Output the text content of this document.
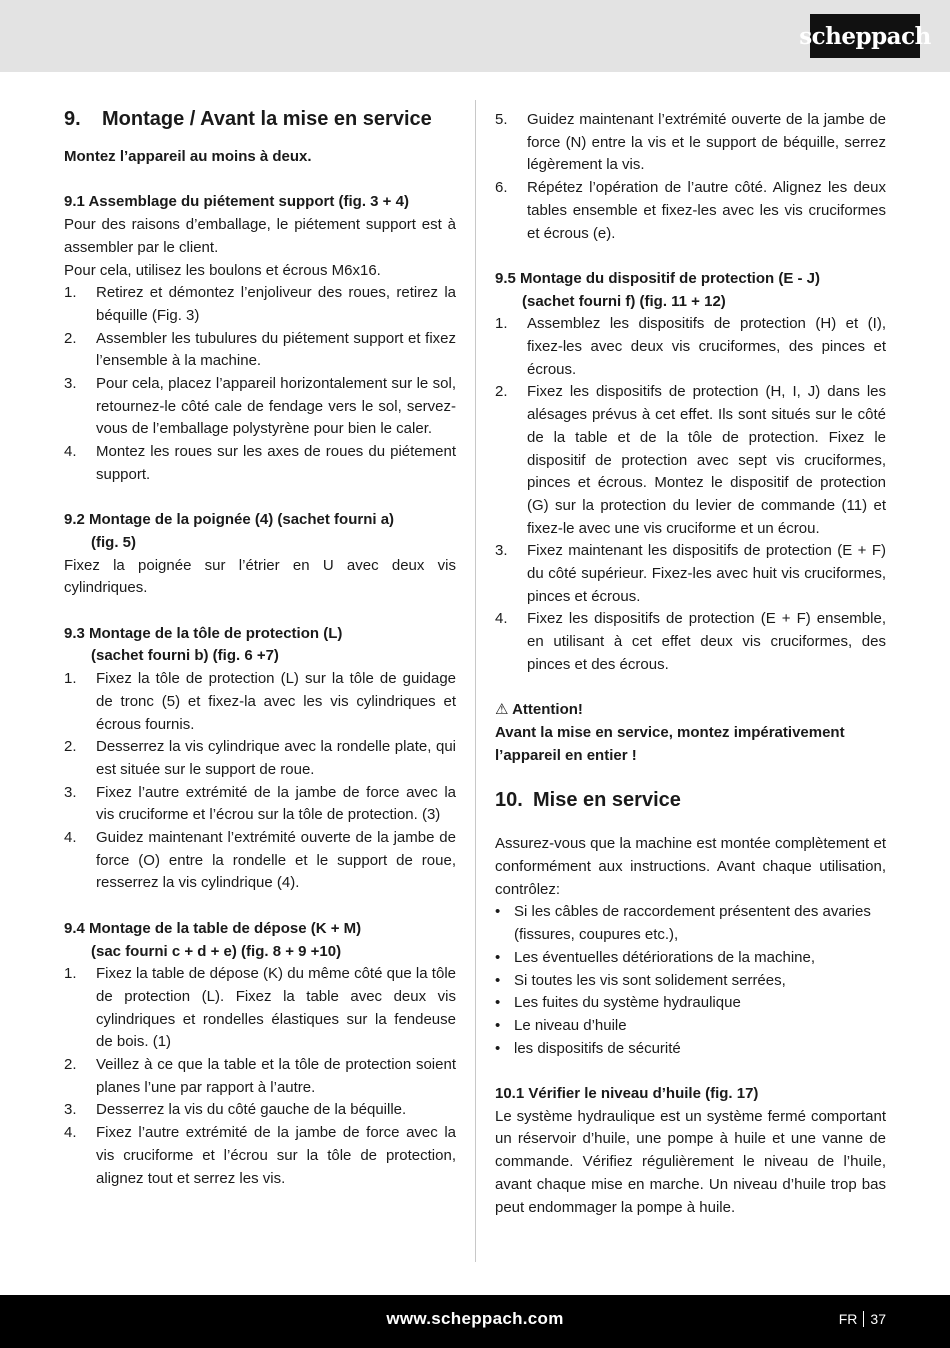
scheppach
9.	Montage / Avant la mise en service

Montez l’appareil au moins à deux.

9.1 Assemblage du piétement support (fig. 3 + 4)

Pour des raisons d’emballage, le piétement support est à assembler par le client.

Pour cela, utilisez les boulons et écrous M6x16.

1.	Retirez et démontez l’enjoliveur des roues, retirez la béquille (Fig. 3)
2.	Assembler les tubulures du piétement support et fixez l’ensemble à la machine.
3.	Pour cela, placez l’appareil horizontalement sur le sol, retournez-le côté cale de fendage vers le sol, servez-vous de l’emballage polystyrène pour bien le caler.
4.	Montez les roues sur les axes de roues du piétement support.

9.2 Montage de la poignée (4) (sachet fourni a)
(fig. 5)

Fixez la poignée sur l’étrier en U avec deux vis cylindriques.

9.3 Montage de la tôle de protection (L)
(sachet fourni b) (fig. 6 +7)

1.	Fixez la tôle de protection (L) sur la tôle de guidage de tronc (5) et fixez-la avec les vis cylindriques et écrous fournis.
2.	Desserrez la vis cylindrique avec la rondelle plate, qui est située sur le support de roue.
3.	Fixez l’autre extrémité de la jambe de force avec la vis cruciforme et l’écrou sur la tôle de protection. (3)
4.	Guidez maintenant l’extrémité ouverte de la jambe de force (O) entre la rondelle et le support de roue, resserrez la vis cylindrique (4).

9.4 Montage de la table de dépose (K + M)
(sac fourni c + d + e) (fig. 8 + 9 +10)

1.	Fixez la table de dépose (K) du même côté que la tôle de protection (L). Fixez la table avec deux vis cylindriques et rondelles élastiques sur la fendeuse de bois. (1)
2.	Veillez à ce que la table et la tôle de protection soient planes l’une par rapport à l’autre.
3.	Desserrez la vis du côté gauche de la béquille.
4.	Fixez l’autre extrémité de la jambe de force avec la vis cruciforme et l’écrou sur la tôle de protection, alignez tout et serrez les vis.
5.	Guidez maintenant l’extrémité ouverte de la jambe de force (N) entre la vis et le support de béquille, serrez légèrement la vis.
6.	Répétez l’opération de l’autre côté. Alignez les deux tables ensemble et fixez-les avec les vis cruciformes et écrous (e).

9.5 Montage du dispositif de protection (E - J)
(sachet fourni f) (fig. 11 + 12)

1.	Assemblez les dispositifs de protection (H) et (I), fixez-les avec deux vis cruciformes, des pinces et écrous.
2.	Fixez les dispositifs de protection (H, I, J) dans les alésages prévus à cet effet. Ils sont situés sur le côté de la table et de la tôle de protection. Fixez le dispositif de protection avec sept vis cruciformes, pinces et écrous. Montez le dispositif de protection (G) sur la protection du levier de commande (11) et fixez-le avec une vis cruciforme et un écrou.
3.	Fixez maintenant les dispositifs de protection (E + F) du côté supérieur. Fixez-les avec huit vis cruciformes, pinces et écrous.
4.	Fixez les dispositifs de protection (E + F) ensemble, en utilisant à cet effet deux vis cruciformes, des pinces et des écrous.

⚠ Attention!

Avant la mise en service, montez impérativement l’appareil en entier !

10. Mise en service

Assurez-vous que la machine est montée complètement et conformément aux instructions. Avant chaque utilisation, contrôlez:

• Si les câbles de raccordement présentent des avaries (fissures, coupures etc.),
• Les éventuelles détériorations de la machine,
• Si toutes les vis sont solidement serrées,
• Les fuites du système hydraulique
• Le niveau d’huile
• les dispositifs de sécurité

10.1 Vérifier le niveau d’huile (fig. 17)

Le système hydraulique est un système fermé comportant un réservoir d’huile, une pompe à huile et une vanne de commande. Vérifiez régulièrement le niveau de l’huile, avant chaque mise en marche. Un niveau d’huile trop bas peut endommager la pompe à huile.

www.scheppach.com	FR 37
